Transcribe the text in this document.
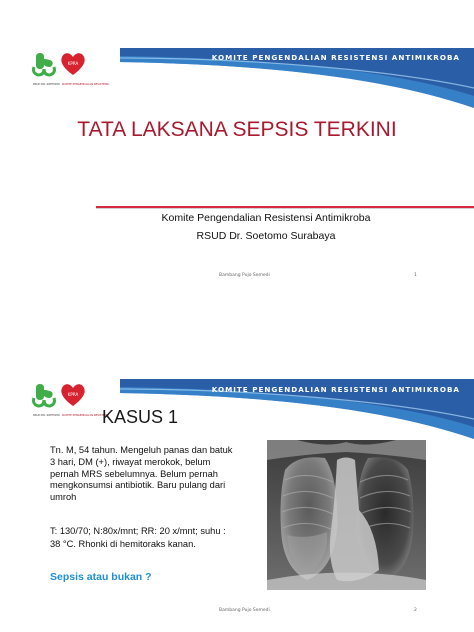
RSUD DR. SOETOMO
KPRA
KOMITE PENGENDALIAN RESISTENSI
KOMITE PENGENDALIAN RESISTENSI ANTIMIKROBA
TATA LAKSANA SEPSIS TERKINI
Komite Pengendalian Resistensi Antimikroba
RSUD Dr. Soetomo Surabaya
Bambang Pujo Semedi	1
RSUD DR. SOETOMO
KPRA
KOMITE PENGENDALIAN RESISTENSI
KOMITE PENGENDALIAN RESISTENSI ANTIMIKROBA
KASUS 1

Tn. M, 54 tahun. Mengeluh panas dan batuk

3 hari, DM (+), riwayat merokok, belum

pernah MRS sebelumnya. Belum pernah

mengkonsumsi antibiotik. Baru pulang dari

umroh

T: 130/70; N:80x/mnt; RR: 20 x/mnt; suhu :
38 °C. Rhonki di hemitoraks kanan.
Sepsis atau bukan ?
Bambang Pujo Semedi	2
